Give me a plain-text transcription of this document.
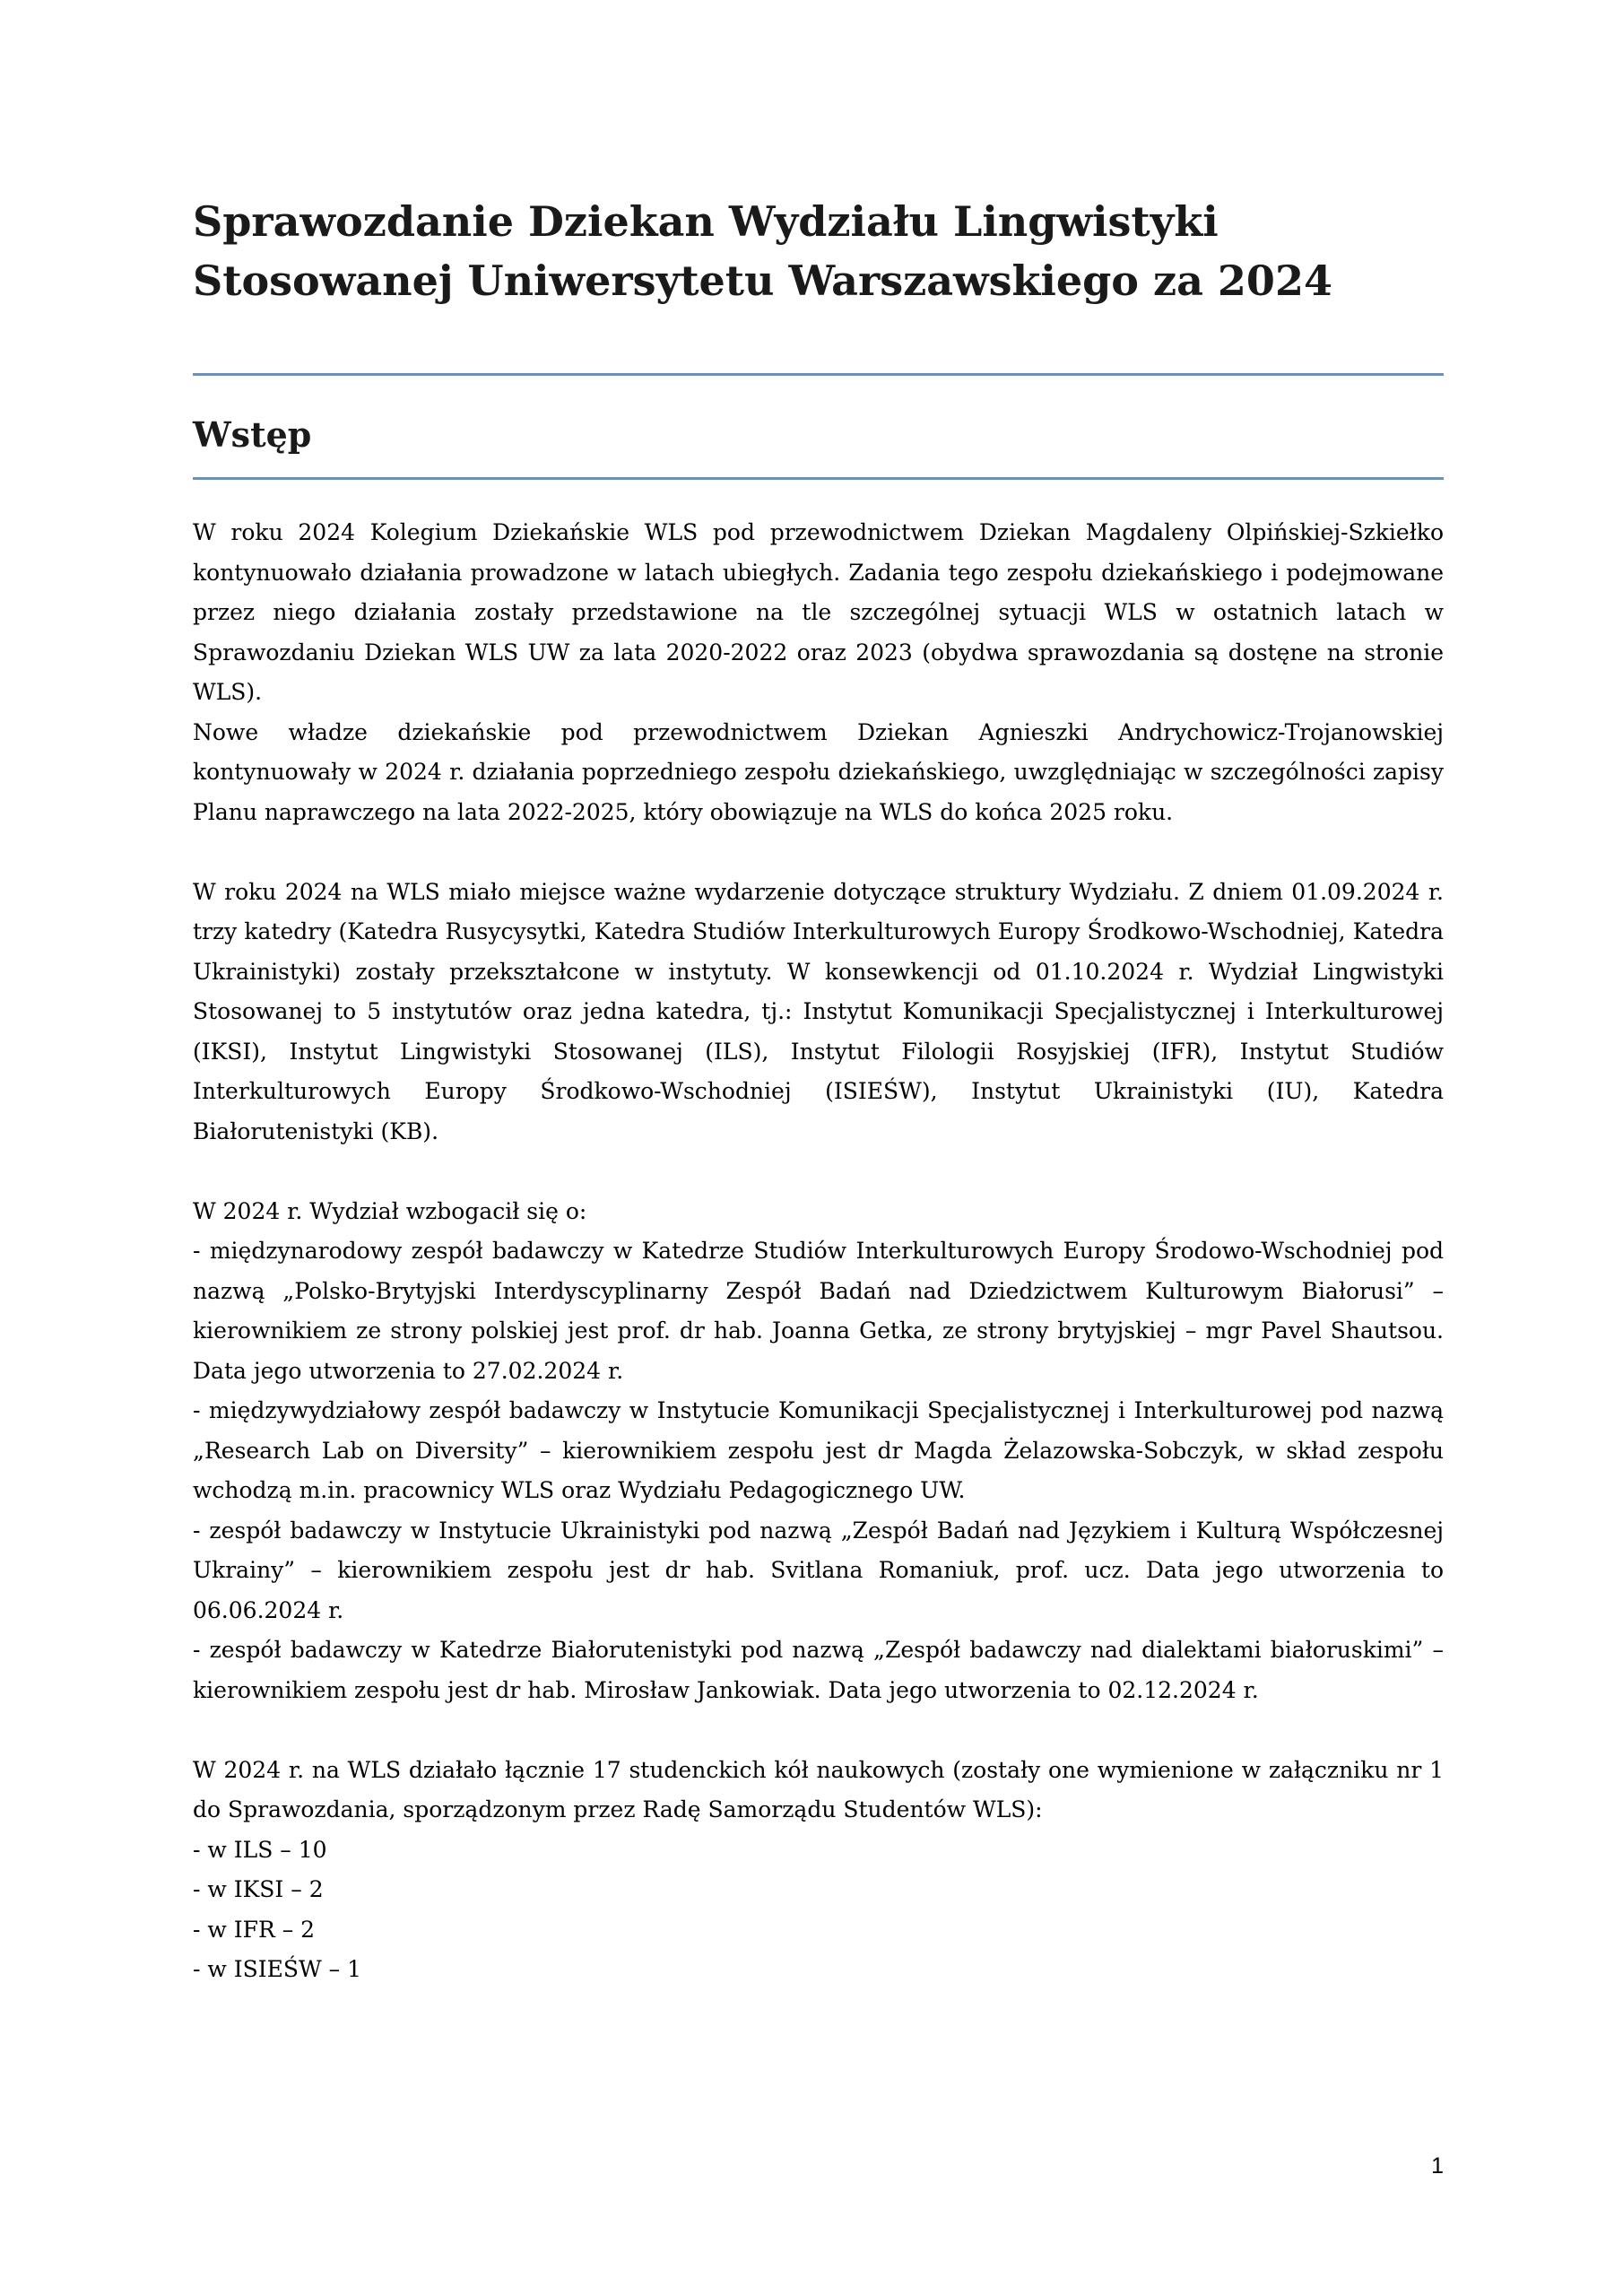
Sprawozdanie Dziekan Wydziału Lingwistyki
Stosowanej Uniwersytetu Warszawskiego za 2024
Wstęp

W roku 2024 Kolegium Dziekańskie WLS pod przewodnictwem Dziekan Magdaleny Olpińskiej-Szkiełko kontynuowało działania prowadzone w latach ubiegłych. Zadania tego zespołu dziekańskiego i podejmowane przez niego działania zostały przedstawione na tle szczególnej sytuacji WLS w ostatnich latach w Sprawozdaniu Dziekan WLS UW za lata 2020-2022 oraz 2023 (obydwa sprawozdania są dostęne na stronie WLS).

Nowe władze dziekańskie pod przewodnictwem Dziekan Agnieszki Andrychowicz-Trojanowskiej kontynuowały w 2024 r. działania poprzedniego zespołu dziekańskiego, uwzględniając w szczególności zapisy Planu naprawczego na lata 2022-2025, który obowiązuje na WLS do końca 2025 roku.

W roku 2024 na WLS miało miejsce ważne wydarzenie dotyczące struktury Wydziału. Z dniem 01.09.2024 r. trzy katedry (Katedra Rusycysytki, Katedra Studiów Interkulturowych Europy Środkowo-Wschodniej, Katedra Ukrainistyki) zostały przekształcone w instytuty. W konsewkencji od 01.10.2024 r. Wydział Lingwistyki Stosowanej to 5 instytutów oraz jedna katedra, tj.: Instytut Komunikacji Specjalistycznej i Interkulturowej (IKSI), Instytut Lingwistyki Stosowanej (ILS), Instytut Filologii Rosyjskiej (IFR), Instytut Studiów Interkulturowych Europy Środkowo-Wschodniej (ISIEŚW), Instytut Ukrainistyki (IU), Katedra Białorutenistyki (KB).

W 2024 r. Wydział wzbogacił się o:

- międzynarodowy zespół badawczy w Katedrze Studiów Interkulturowych Europy Środowo-Wschodniej pod nazwą „Polsko-Brytyjski Interdyscyplinarny Zespół Badań nad Dziedzictwem Kulturowym Białorusi” – kierownikiem ze strony polskiej jest prof. dr hab. Joanna Getka, ze strony brytyjskiej – mgr Pavel Shautsou. Data jego utworzenia to 27.02.2024 r.

- międzywydziałowy zespół badawczy w Instytucie Komunikacji Specjalistycznej i Interkulturowej pod nazwą „Research Lab on Diversity” – kierownikiem zespołu jest dr Magda Żelazowska-Sobczyk, w skład zespołu wchodzą m.in. pracownicy WLS oraz Wydziału Pedagogicznego UW.

- zespół badawczy w Instytucie Ukrainistyki pod nazwą „Zespół Badań nad Językiem i Kulturą Współczesnej Ukrainy” – kierownikiem zespołu jest dr hab. Svitlana Romaniuk, prof. ucz. Data jego utworzenia to 06.06.2024 r.

- zespół badawczy w Katedrze Białorutenistyki pod nazwą „Zespół badawczy nad dialektami białoruskimi” – kierownikiem zespołu jest dr hab. Mirosław Jankowiak. Data jego utworzenia to 02.12.2024 r.

W 2024 r. na WLS działało łącznie 17 studenckich kół naukowych (zostały one wymienione w załączniku nr 1 do Sprawozdania, sporządzonym przez Radę Samorządu Studentów WLS):

- w ILS – 10
- w IKSI – 2
- w IFR – 2
- w ISIEŚW – 1
1
